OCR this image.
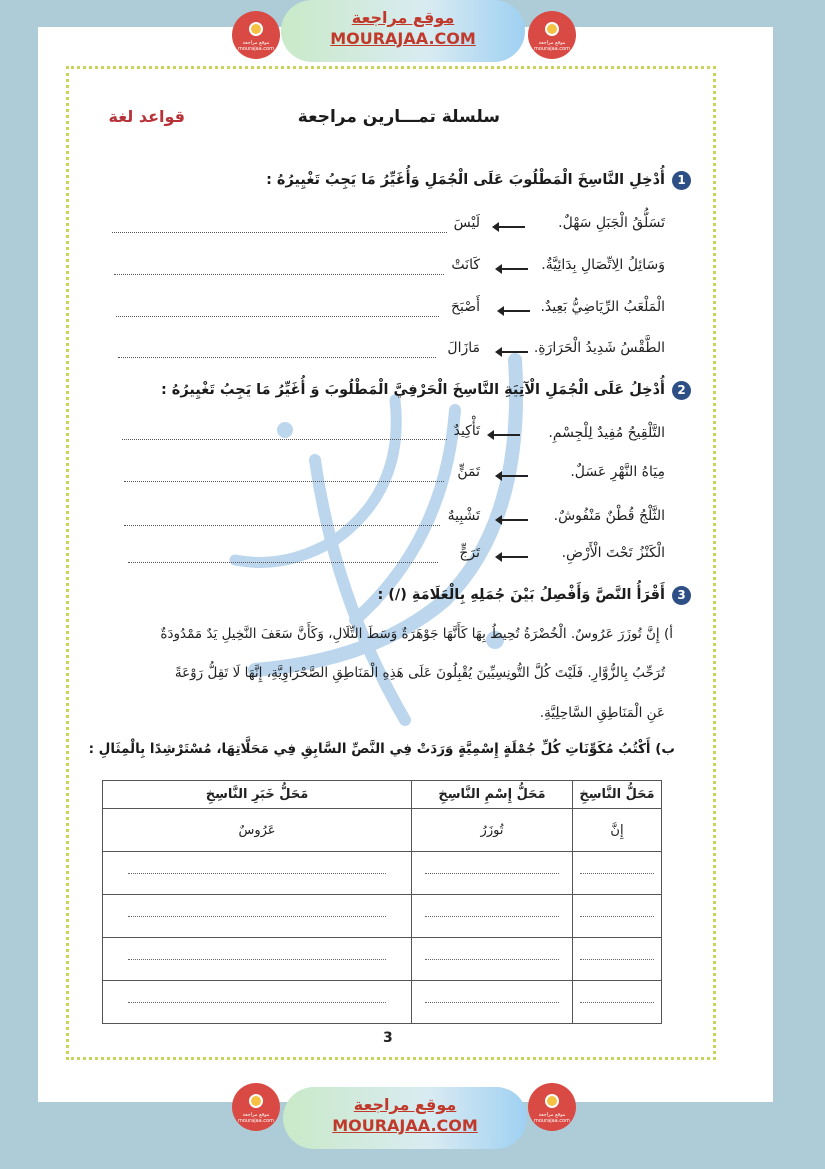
موقع مراجعة mourajaa.com
موقع مراجعة
MOURAJAA.COM	موقع مراجعة mourajaa.com
موقع مراجعة mourajaa.com
موقع مراجعة
MOURAJAA.COM
موقع مراجعة mourajaa.com
سلسلة تمـــارين مراجعة
قواعد لغة
1
أُدْخِلِ النَّاسِخَ الْمَطْلُوبَ عَلَى الْجُمَلِ وَأُغَيِّرُ مَا يَجِبُ تَغْيِيرُهُ :
تَسَلُّقُ الْجَبَلِ سَهْلٌ.
لَيْسَ
وَسَائِلُ الِاتِّصَالِ بِدَائِيَّةٌ.
كَانَتْ
الْمَلْعَبُ الرِّيَاضِيُّ بَعِيدٌ.
أَصْبَحَ
الطَّقْسُ شَدِيدُ الْحَرَارَةِ.
مَازَالَ
2
أُدْخِلُ عَلَى الْجُمَلِ الْآتِيَةِ النَّاسِخَ الْحَرْفِيَّ الْمَطْلُوبَ وَ أُغَيِّرُ مَا يَجِبُ تَغْيِيرُهُ :
التَّلْقِيحُ مُفِيدٌ لِلْجِسْمِ.
تَأْكِيدٌ
مِيَاهُ النَّهْرِ عَسَلٌ.
تَمَنٍّ
الثَّلْجُ قُطْنٌ مَنْفُوشٌ.
تَشْبِيهٌ
الْكَنْزُ تَحْتَ الْأَرْضِ.
تَرَجٍّ
3
أَقْرَأُ النَّصَّ وَأَفْصِلُ بَيْنَ جُمَلِهِ بِالْعَلَامَةِ (/) :
أ) إِنَّ تُوزَرَ عَرُوسٌ. الْخُضْرَةُ تُحِيطُ بِهَا كَأَنَّهَا جَوْهَرَةٌ وَسَطَ التِّلَالِ، وَكَأَنَّ سَعَفَ النَّخِيلِ يَدٌ مَمْدُودَةٌ
تُرَحِّبُ بِالزُّوَّارِ. فَلَيْتَ كُلَّ التُّونِسِيِّينَ يُقْبِلُونَ عَلَى هَذِهِ الْمَنَاطِقِ الصَّحْرَاوِيَّةِ، إِنَّهَا لَا تَقِلُّ رَوْعَةً
عَنِ الْمَنَاطِقِ السَّاحِلِيَّةِ.
ب) أَكْتُبُ مُكَوِّنَاتِ كُلِّ جُمْلَةٍ إِسْمِيَّةٍ وَرَدَتْ فِي النَّصِّ السَّابِقِ فِي مَحَلَّاتِهَا، مُسْتَرْشِدًا بِالْمِثَالِ :
مَحَلُّ النَّاسِخِ	مَحَلُّ إِسْمِ النَّاسِخِ	مَحَلُّ خَبَرِ النَّاسِخِ
إِنَّ	تُوزَرُ	عَرُوسٌ

3
